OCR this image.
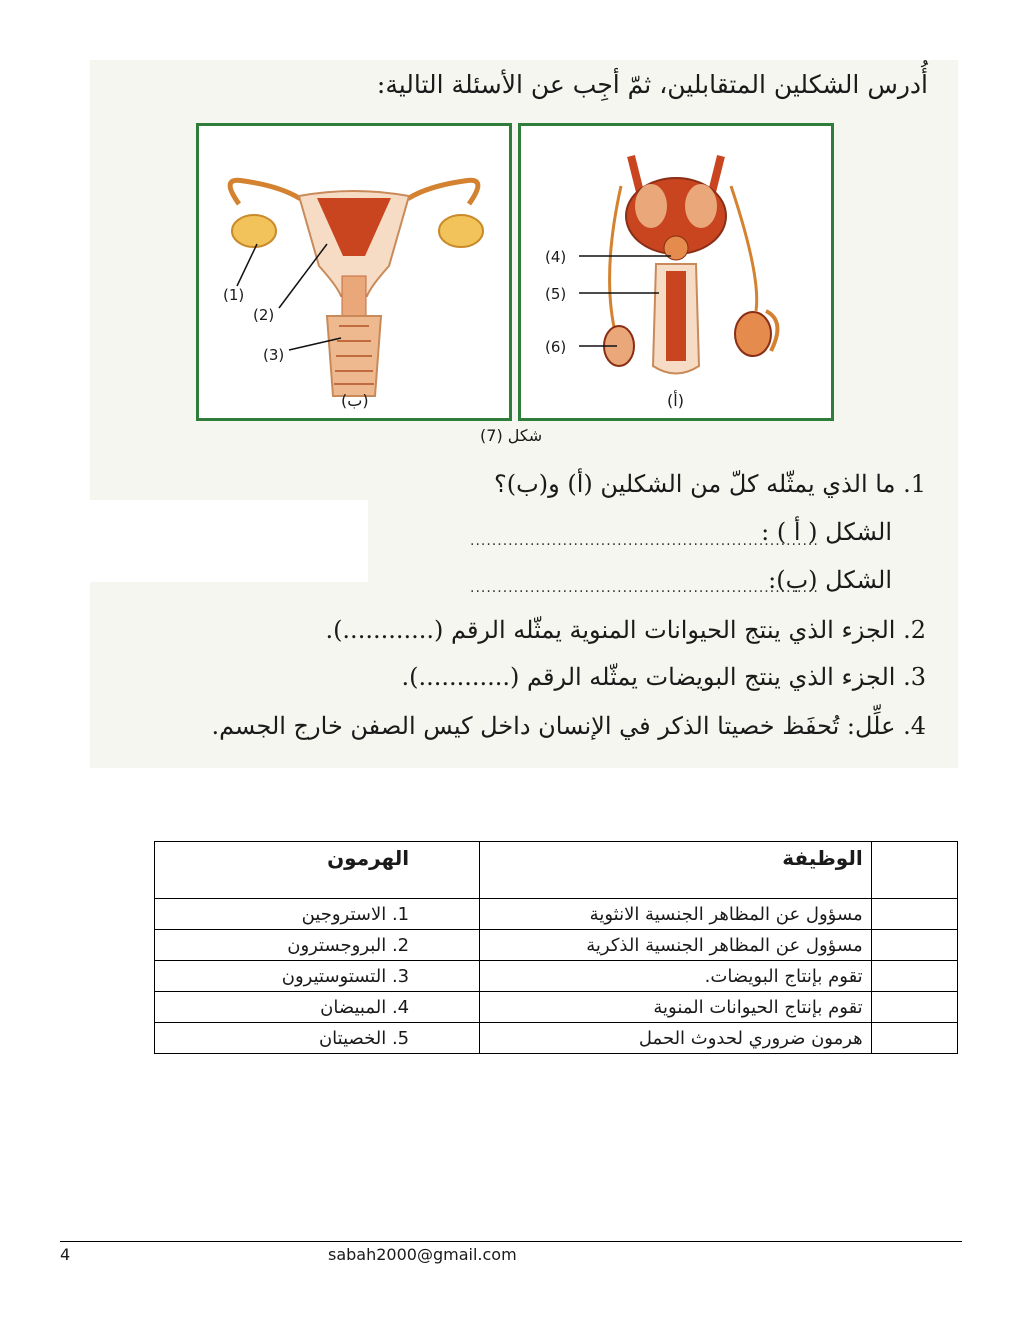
أُدرس الشكلين المتقابلين، ثمّ أجِب عن الأسئلة التالية:
(1)
(2)
(3)
(ب)
(4)
(5)
(6)
(أ)
شكل (7)
1. ما الذي يمثّله كلّ من الشكلين (أ) و(ب)؟
الشكل ( أ ) :
................................................................
الشكل (ب):
................................................................
2. الجزء الذي ينتج الحيوانات المنوية يمثّله الرقم (............).
3. الجزء الذي ينتج البويضات يمثّله الرقم (............).
4. علِّل: تُحفَظ خصيتا الذكر في الإنسان داخل كيس الصفن خارج الجسم.
الهرمون	الوظيفة	
1. الاستروجين	مسؤول عن المظاهر الجنسية الانثوية	
2. البروجسترون	مسؤول عن المظاهر الجنسية الذكرية	
3. التستوستيرون	تقوم بإنتاج البويضات.	
4. المبيضان	تقوم بإنتاج الحيوانات المنوية	
5. الخصيتان	هرمون ضروري لحدوث الحمل	
4	sabah2000@gmail.com
